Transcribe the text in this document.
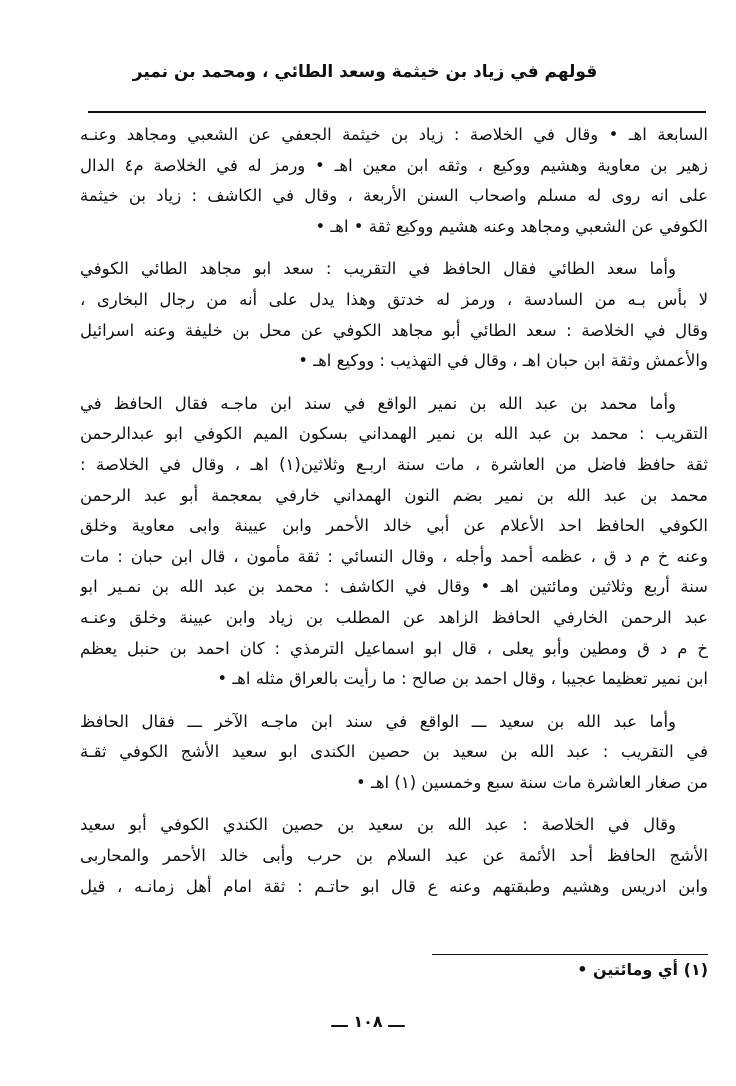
قولهم في زياد بن خيثمة وسعد الطائي ، ومحمد بن نمير

السابعة اهـ • وقال في الخلاصة : زياد بن خيثمة الجعفي عن الشعبي ومجاهد وعنـه
زهير بن معاوية وهشيم ووكيع ، وثقه ابن معين اهـ • ورمز له في الخلاصة م٤ الدال
على انه روى له مسلم واصحاب السنن الأربعة ، وقال في الكاشف : زياد بن خيثمة
الكوفي عن الشعبي ومجاهد وعنه هشيم ووكيع ثقة • اهـ •

وأما سعد الطائي فقال الحافظ في التقريب : سعد ابو مجاهد الطائي الكوفي
لا بأس بـه من السادسة ، ورمز له خدتق وهذا يدل على أنه من رجال البخارى ،
وقال في الخلاصة : سعد الطائي أبو مجاهد الكوفي عن محل بن خليفة وعنه اسرائيل
والأعمش وثقة ابن حبان اهـ ، وقال في التهذيب : ووكيع اهـ •

وأما محمد بن عبد الله بن نمير الواقع في سند ابن ماجـه فقال الحافظ في
التقريب : محمد بن عبد الله بن نمير الهمداني بسكون الميم الكوفي ابو عبدالرحمن
ثقة حافظ فاضل من العاشرة ، مات سنة اربـع وثلاثين(١) اهـ ، وقال في الخلاصة :
محمد بن عبد الله بن نمير بضم النون الهمداني خارفي بمعجمة أبو عبد الرحمن
الكوفي الحافظ احد الأعلام عن أبي خالد الأحمر وابن عيينة وابى معاوية وخلق
وعنه خ م د ق ، عظمه أحمد وأجله ، وقال النسائي : ثقة مأمون ، قال ابن حبان : مات
سنة أربع وثلاثين ومائتين اهـ • وقال في الكاشف : محمد بن عبد الله بن نمـير ابو
عبد الرحمن الخارفي الحافظ الزاهد عن المطلب بن زياد وابن عيينة وخلق وعنـه
خ م د ق ومطين وأبو يعلى ، قال ابو اسماعيل الترمذي : كان احمد بن حنبل يعظم
ابن نمير تعظيما عجيبا ، وقال احمد بن صالح : ما رأيت بالعراق مثله اهـ •

وأما عبد الله بن سعيد ـــ الواقع في سند ابن ماجـه الآخر ـــ فقال الحافظ
في التقريب : عبد الله بن سعيد بن حصين الكندى ابو سعيد الأشج الكوفي ثقـة
من صغار العاشرة مات سنة سبع وخمسين (١) اهـ •

وقال في الخلاصة : عبد الله بن سعيد بن حصين الكندي الكوفي أبو سعيد
الأشج الحافظ أحد الأئمة عن عبد السلام بن حرب وأبى خالد الأحمر والمحاربى
وابن ادريس وهشيم وطبقتهم وعنه ع قال ابو حاتـم : ثقة امام أهل زمانـه ، قيل

(١) أي ومائتين •
ـــ ١٠٨ ـــ
